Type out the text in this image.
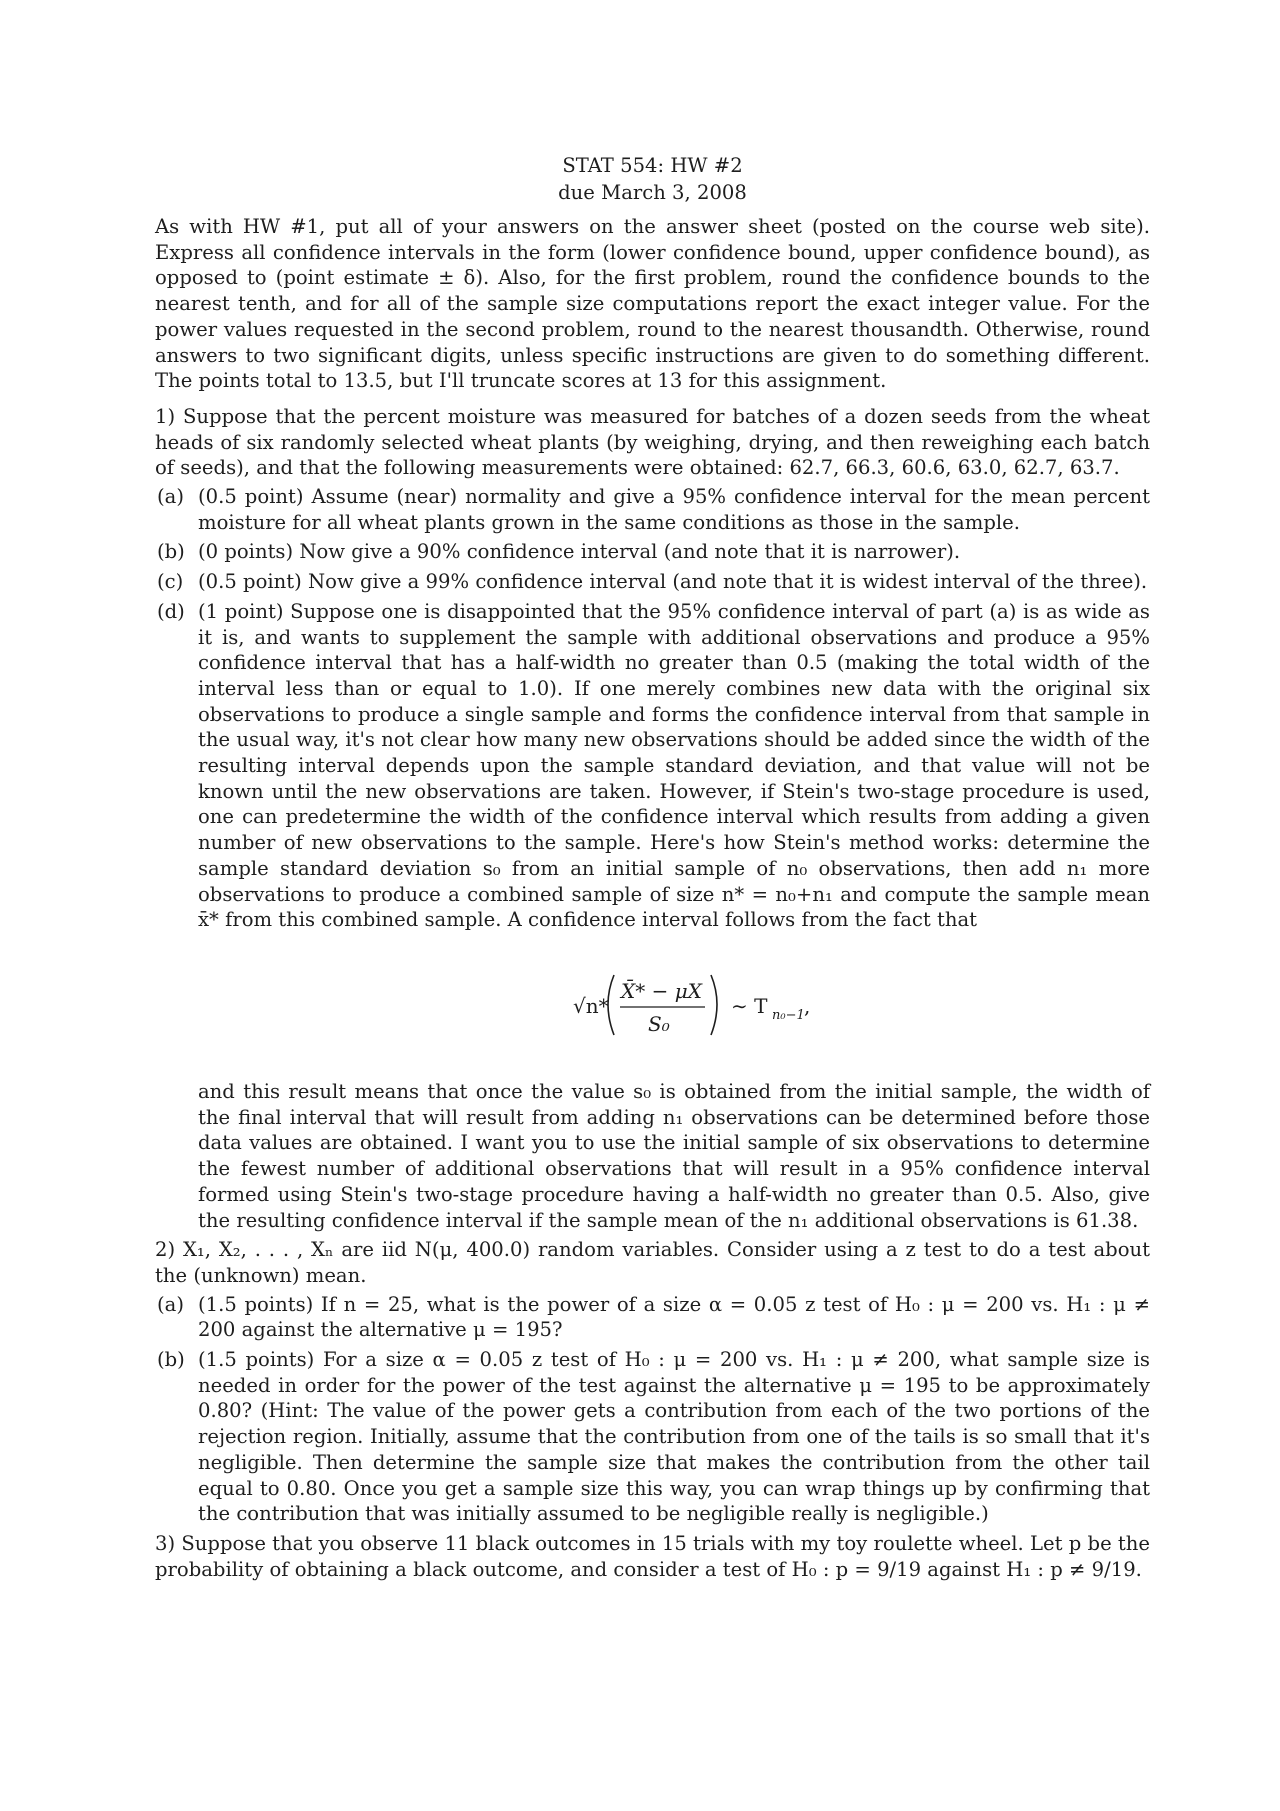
STAT 554: HW #2
due March 3, 2008

As with HW #1, put all of your answers on the answer sheet (posted on the course web site). Express all confidence intervals in the form (lower confidence bound, upper confidence bound), as opposed to (point estimate ± δ). Also, for the first problem, round the confidence bounds to the nearest tenth, and for all of the sample size computations report the exact integer value. For the power values requested in the second problem, round to the nearest thousandth. Otherwise, round answers to two significant digits, unless specific instructions are given to do something different. The points total to 13.5, but I'll truncate scores at 13 for this assignment.

1) Suppose that the percent moisture was measured for batches of a dozen seeds from the wheat heads of six randomly selected wheat plants (by weighing, drying, and then reweighing each batch of seeds), and that the following measurements were obtained: 62.7, 66.3, 60.6, 63.0, 62.7, 63.7.

(a) (0.5 point) Assume (near) normality and give a 95% confidence interval for the mean percent moisture for all wheat plants grown in the same conditions as those in the sample.
(b) (0 points) Now give a 90% confidence interval (and note that it is narrower).
(c) (0.5 point) Now give a 99% confidence interval (and note that it is widest interval of the three).
(d) (1 point) Suppose one is disappointed that the 95% confidence interval of part (a) is as wide as it is, and wants to supplement the sample with additional observations and produce a 95% confidence interval that has a half-width no greater than 0.5 (making the total width of the interval less than or equal to 1.0). If one merely combines new data with the original six observations to produce a single sample and forms the confidence interval from that sample in the usual way, it's not clear how many new observations should be added since the width of the resulting interval depends upon the sample standard deviation, and that value will not be known until the new observations are taken. However, if Stein's two-stage procedure is used, one can predetermine the width of the confidence interval which results from adding a given number of new observations to the sample. Here's how Stein's method works: determine the sample standard deviation s₀ from an initial sample of n₀ observations, then add n₁ more observations to produce a combined sample of size n* = n₀+n₁ and compute the sample mean x̄* from this combined sample. A confidence interval follows from the fact that

√n*
X̄* − μX
S₀
∼ T n₀−1 ,

and this result means that once the value s₀ is obtained from the initial sample, the width of the final interval that will result from adding n₁ observations can be determined before those data values are obtained. I want you to use the initial sample of six observations to determine the fewest number of additional observations that will result in a 95% confidence interval formed using Stein's two-stage procedure having a half-width no greater than 0.5. Also, give the resulting confidence interval if the sample mean of the n₁ additional observations is 61.38.

2) X₁, X₂, . . . , Xₙ are iid N(μ, 400.0) random variables. Consider using a z test to do a test about the (unknown) mean.

(a) (1.5 points) If n = 25, what is the power of a size α = 0.05 z test of H₀ : μ = 200 vs. H₁ : μ ≠ 200 against the alternative μ = 195?
(b) (1.5 points) For a size α = 0.05 z test of H₀ : μ = 200 vs. H₁ : μ ≠ 200, what sample size is needed in order for the power of the test against the alternative μ = 195 to be approximately 0.80? (Hint: The value of the power gets a contribution from each of the two portions of the rejection region. Initially, assume that the contribution from one of the tails is so small that it's negligible. Then determine the sample size that makes the contribution from the other tail equal to 0.80. Once you get a sample size this way, you can wrap things up by confirming that the contribution that was initially assumed to be negligible really is negligible.)

3) Suppose that you observe 11 black outcomes in 15 trials with my toy roulette wheel. Let p be the probability of obtaining a black outcome, and consider a test of H₀ : p = 9/19 against H₁ : p ≠ 9/19.
